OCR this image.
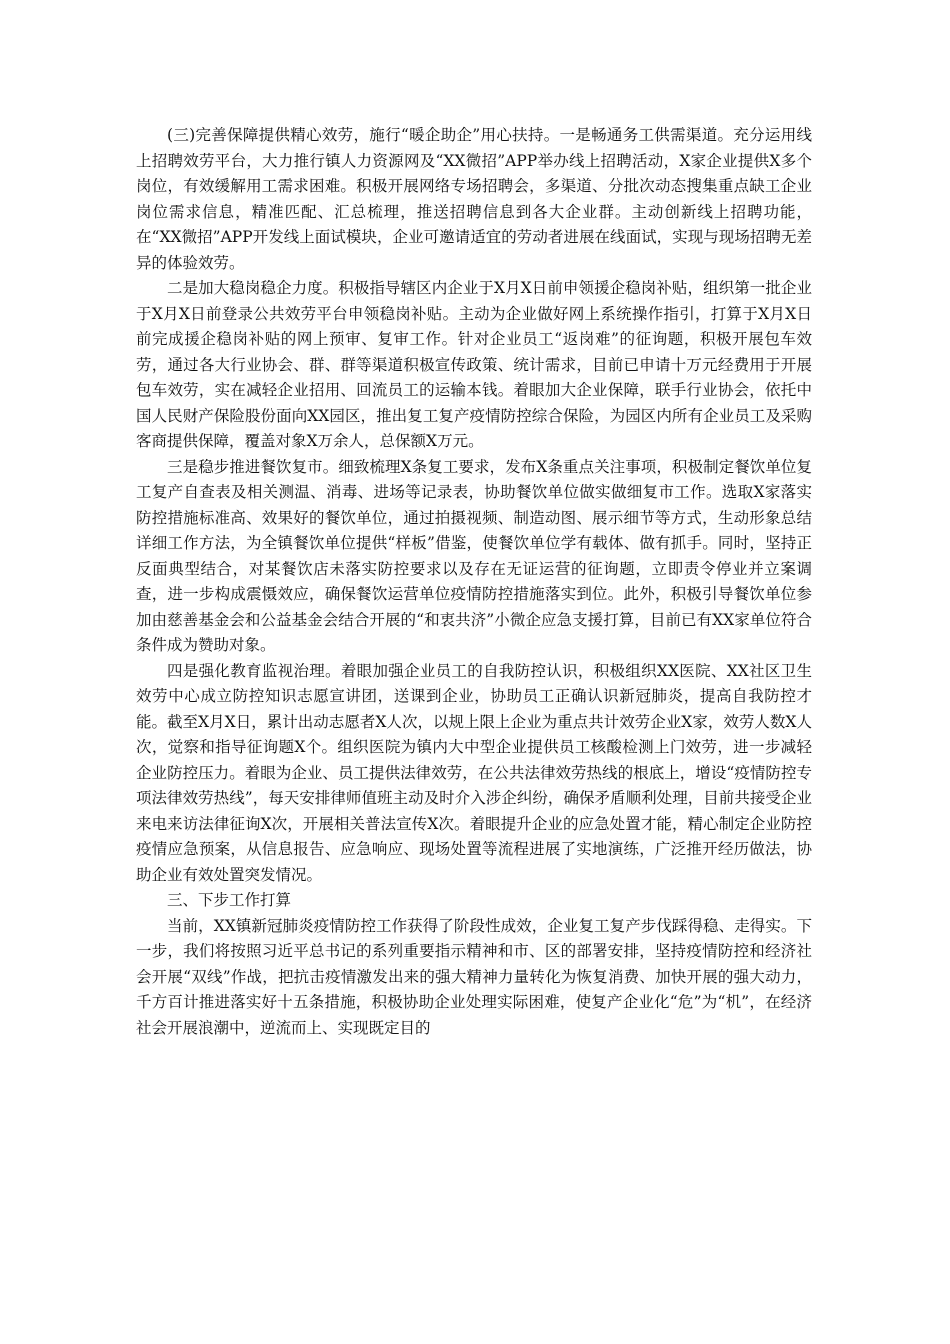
(三)完善保障提供精心效劳，施行“暖企助企”用心扶持。一是畅通务工供需渠道。充分运用线上招聘效劳平台，大力推行镇人力资源网及“XX微招”APP举办线上招聘活动，X家企业提供X多个岗位，有效缓解用工需求困难。积极开展网络专场招聘会，多渠道、分批次动态搜集重点缺工企业岗位需求信息，精准匹配、汇总梳理，推送招聘信息到各大企业群。主动创新线上招聘功能，在“XX微招”APP开发线上面试模块，企业可邀请适宜的劳动者进展在线面试，实现与现场招聘无差异的体验效劳。

二是加大稳岗稳企力度。积极指导辖区内企业于X月X日前申领援企稳岗补贴，组织第一批企业于X月X日前登录公共效劳平台申领稳岗补贴。主动为企业做好网上系统操作指引，打算于X月X日前完成援企稳岗补贴的网上预审、复审工作。针对企业员工“返岗难”的征询题，积极开展包车效劳，通过各大行业协会、群、群等渠道积极宣传政策、统计需求，目前已申请十万元经费用于开展包车效劳，实在减轻企业招用、回流员工的运输本钱。着眼加大企业保障，联手行业协会，依托中国人民财产保险股份面向XX园区，推出复工复产疫情防控综合保险，为园区内所有企业员工及采购客商提供保障，覆盖对象X万余人，总保额X万元。

三是稳步推进餐饮复市。细致梳理X条复工要求，发布X条重点关注事项，积极制定餐饮单位复工复产自查表及相关测温、消毒、进场等记录表，协助餐饮单位做实做细复市工作。选取X家落实防控措施标准高、效果好的餐饮单位，通过拍摄视频、制造动图、展示细节等方式，生动形象总结详细工作方法，为全镇餐饮单位提供“样板”借鉴，使餐饮单位学有载体、做有抓手。同时，坚持正反面典型结合，对某餐饮店未落实防控要求以及存在无证运营的征询题，立即责令停业并立案调查，进一步构成震慑效应，确保餐饮运营单位疫情防控措施落实到位。此外，积极引导餐饮单位参加由慈善基金会和公益基金会结合开展的“和衷共济”小微企应急支援打算，目前已有XX家单位符合条件成为赞助对象。

四是强化教育监视治理。着眼加强企业员工的自我防控认识，积极组织XX医院、XX社区卫生效劳中心成立防控知识志愿宣讲团，送课到企业，协助员工正确认识新冠肺炎，提高自我防控才能。截至X月X日，累计出动志愿者X人次，以规上限上企业为重点共计效劳企业X家，效劳人数X人次，觉察和指导征询题X个。组织医院为镇内大中型企业提供员工核酸检测上门效劳，进一步减轻企业防控压力。着眼为企业、员工提供法律效劳，在公共法律效劳热线的根底上，增设“疫情防控专项法律效劳热线”，每天安排律师值班主动及时介入涉企纠纷，确保矛盾顺利处理，目前共接受企业来电来访法律征询X次，开展相关普法宣传X次。着眼提升企业的应急处置才能，精心制定企业防控疫情应急预案，从信息报告、应急响应、现场处置等流程进展了实地演练，广泛推开经历做法，协助企业有效处置突发情况。

三、下步工作打算

当前，XX镇新冠肺炎疫情防控工作获得了阶段性成效，企业复工复产步伐踩得稳、走得实。下一步，我们将按照习近平总书记的系列重要指示精神和市、区的部署安排，坚持疫情防控和经济社会开展“双线”作战，把抗击疫情激发出来的强大精神力量转化为恢复消费、加快开展的强大动力，千方百计推进落实好十五条措施，积极协助企业处理实际困难，使复产企业化“危”为“机”，在经济社会开展浪潮中，逆流而上、实现既定目的
